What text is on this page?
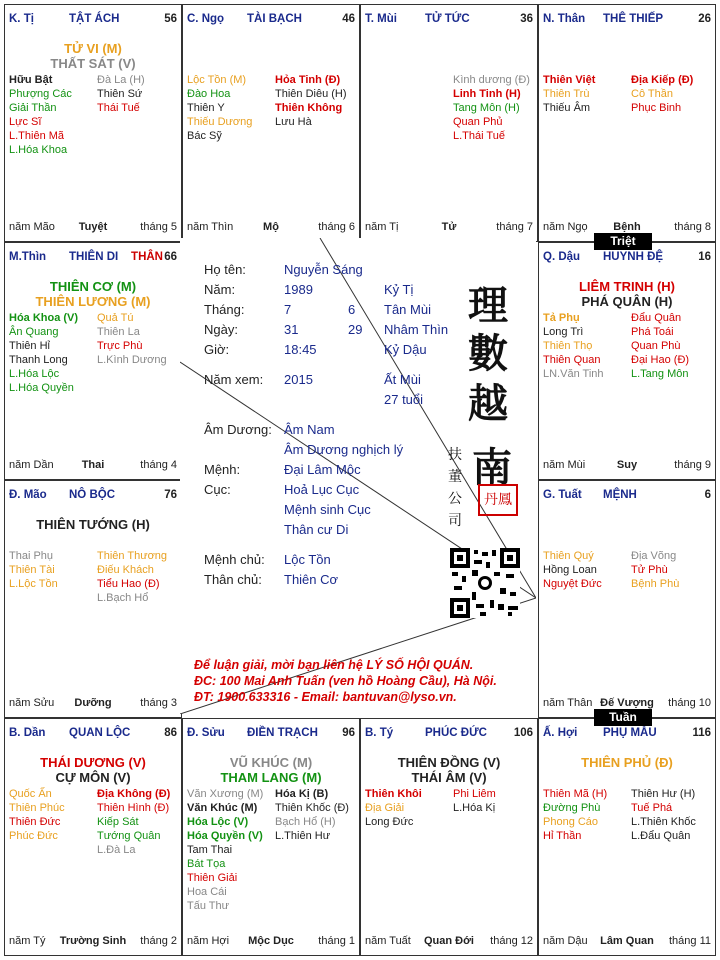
K. Tị	TẬT ÁCH	56
TỬ VI (M)
THẤT SÁT (V)
Hữu Bật
Phượng Các
Giải Thần
Lực Sĩ
L.Thiên Mã
L.Hóa Khoa
Đà La (H)
Thiên Sứ
Thái Tuế
năm Mão	Tuyệt	tháng 5
C. Ngọ TÀI BẠCH	46
Lộc Tồn (M)
Đào Hoa
Thiên Y
Thiếu Dương
Bác Sỹ
Hỏa Tinh (Đ)
Thiên Diêu (H)
Thiên Không
Lưu Hà
năm Thìn	Mộ	tháng 6
T. Mùi TỬ TỨC	36
Kình dương (Đ)
Linh Tinh (H)
Tang Môn (H)
Quan Phủ
L.Thái Tuế
năm Tị	Tử	tháng 7
N. Thân THÊ THIẾP	26
Thiên Việt
Thiên Trù
Thiếu Âm
Địa Kiếp (Đ)
Cô Thần
Phục Binh
năm Ngọ	Bệnh	tháng 8
M.Thìn THIÊN DI THÂN 66
THIÊN CƠ (M)
THIÊN LƯƠNG (M)
Hóa Khoa (V)
Ân Quang
Thiên Hỉ
Thanh Long
L.Hóa Lộc
L.Hóa Quyền
Quả Tú
Thiên La
Trực Phù
L.Kình Dương
năm Dần	Thai	tháng 4
Q. Dậu HUYNH ĐỆ	16
LIÊM TRINH (H)
PHÁ QUÂN (H)
Tả Phụ
Long Trì
Thiên Thọ
Thiên Quan
LN.Văn Tinh
Đẩu Quân
Phá Toái
Quan Phù
Đại Hao (Đ)
L.Tang Môn
năm Mùi	Suy	tháng 9
Đ. Mão NÔ BỘC	76
THIÊN TƯỚNG (H)
Thai Phụ
Thiên Tài
L.Lộc Tồn
Thiên Thương
Điếu Khách
Tiểu Hao (Đ)
L.Bạch Hổ
năm Sửu	Dưỡng	tháng 3
G. Tuất MỆNH	6
Thiên Quý
Hồng Loan
Nguyệt Đức
Địa Võng
Tử Phù
Bệnh Phù
năm Thân Đế Vượng	tháng 10
B. Dần QUAN LỘC	86
THÁI DƯƠNG (V)
CỰ MÔN (V)
Quốc Ấn
Thiên Phúc
Thiên Đức
Phúc Đức
Địa Không (Đ)
Thiên Hình (Đ)
Kiếp Sát
Tướng Quân
L.Đà La
năm Tý	Trường Sinh	tháng 2
Đ. Sửu ĐIỀN TRẠCH 96
VŨ KHÚC (M)
THAM LANG (M)
Văn Xương (M)
Văn Khúc (M)
Hóa Lộc (V)
Hóa Quyền (V)
Tam Thai
Bát Tọa
Thiên Giải
Hoa Cái
Tấu Thư
Hóa Kị (B)
Thiên Khốc (Đ)
Bạch Hổ (H)
L.Thiên Hư
năm Hợi	Mộc Dục	tháng 1
B. Tý	PHÚC ĐỨC 106
THIÊN ĐỒNG (V)
THÁI ÂM (V)
Thiên Khôi
Địa Giải
Long Đức
Phi Liêm
L.Hóa Kị
năm Tuất	Quan Đới	tháng 12
Ấ. Hợi PHỤ MẪU	116
THIÊN PHỦ (Đ)
Thiên Mã (H)
Đường Phù
Phong Cáo
Hỉ Thần
Thiên Hư (H)
Tuế Phá
L.Thiên Khốc
L.Đẩu Quân
năm Dậu	Lâm Quan	tháng 11
Họ tên:	Nguyễn Sáng
Năm:	1989	Kỷ Tị
Tháng:	7	6 Tân Mùi
Ngày:	31	29 Nhâm Thìn
Giờ:	18:45	Kỷ Dậu
Năm xem: 2015	Ất Mùi
27 tuổi
Âm Dương: Âm Nam
Âm Dương nghịch lý
Mệnh:	Đại Lâm Mộc
Cục:	Hoả Lục Cục
Mệnh sinh Cục
Thân cư Di
Mệnh chủ: Lộc Tồn
Thân chủ: Thiên Cơ
理
數
越
南
扶
董
公
司
丹鳳
Để luận giải, mời bạn liên hệ LÝ SỐ HỘI QUÁN.
ĐC: 100 Mai Anh Tuấn (ven hồ Hoàng Cầu), Hà Nội.
ĐT: 1900.633316 - Email: bantuvan@lyso.vn.
Triệt
Tuần
